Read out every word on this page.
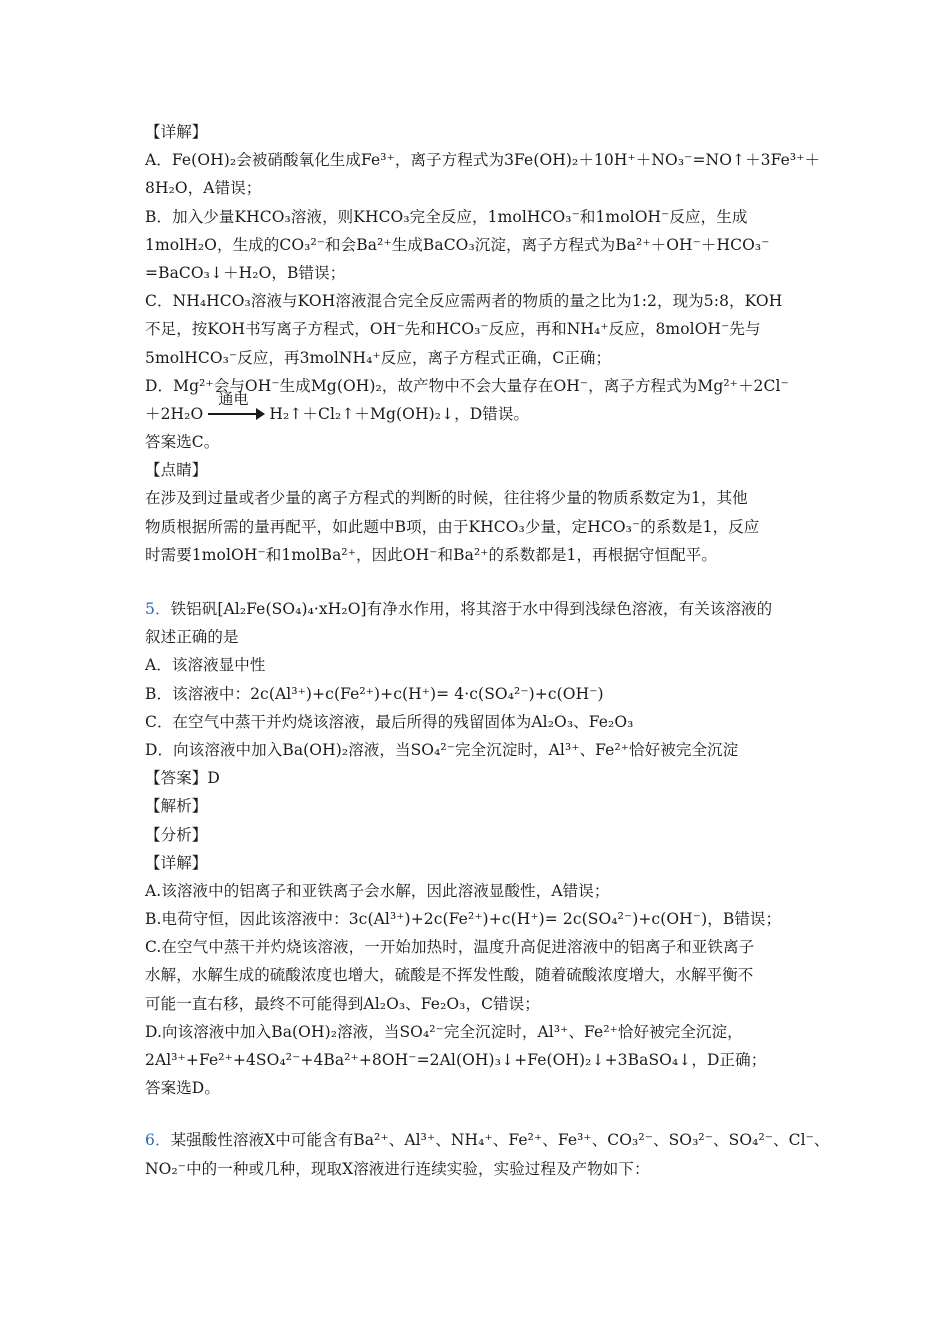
【详解】
A．Fe(OH)₂会被硝酸氧化生成Fe³⁺，离子方程式为3Fe(OH)₂＋10H⁺＋NO₃⁻=NO↑＋3Fe³⁺＋
8H₂O，A错误；
B．加入少量KHCO₃溶液，则KHCO₃完全反应，1molHCO₃⁻和1molOH⁻反应，生成
1molH₂O，生成的CO₃²⁻和会Ba²⁺生成BaCO₃沉淀，离子方程式为Ba²⁺＋OH⁻＋HCO₃⁻
=BaCO₃↓＋H₂O，B错误；
C．NH₄HCO₃溶液与KOH溶液混合完全反应需两者的物质的量之比为1:2，现为5:8，KOH
不足，按KOH书写离子方程式，OH⁻先和HCO₃⁻反应，再和NH₄⁺反应，8molOH⁻先与
5molHCO₃⁻反应，再3molNH₄⁺反应，离子方程式正确，C正确；
D．Mg²⁺会与OH⁻生成Mg(OH)₂，故产物中不会大量存在OH⁻，离子方程式为Mg²⁺＋2Cl⁻
＋2H₂O
通电
H₂↑＋Cl₂↑＋Mg(OH)₂↓，D错误。
答案选C。
【点睛】
在涉及到过量或者少量的离子方程式的判断的时候，往往将少量的物质系数定为1，其他
物质根据所需的量再配平，如此题中B项，由于KHCO₃少量，定HCO₃⁻的系数是1，反应
时需要1molOH⁻和1molBa²⁺，因此OH⁻和Ba²⁺的系数都是1，再根据守恒配平。
5．铁铝矾[Al₂Fe(SO₄)₄·xH₂O]有净水作用，将其溶于水中得到浅绿色溶液，有关该溶液的
叙述正确的是
A．该溶液显中性
B．该溶液中：2c(Al³⁺)+c(Fe²⁺)+c(H⁺)= 4·c(SO₄²⁻)+c(OH⁻)
C．在空气中蒸干并灼烧该溶液，最后所得的残留固体为Al₂O₃、Fe₂O₃
D．向该溶液中加入Ba(OH)₂溶液，当SO₄²⁻完全沉淀时，Al³⁺、Fe²⁺恰好被完全沉淀
【答案】D
【解析】
【分析】
【详解】
A.该溶液中的铝离子和亚铁离子会水解，因此溶液显酸性，A错误；
B.电荷守恒，因此该溶液中：3c(Al³⁺)+2c(Fe²⁺)+c(H⁺)= 2c(SO₄²⁻)+c(OH⁻)，B错误；
C.在空气中蒸干并灼烧该溶液，一开始加热时，温度升高促进溶液中的铝离子和亚铁离子
水解，水解生成的硫酸浓度也增大，硫酸是不挥发性酸，随着硫酸浓度增大，水解平衡不
可能一直右移，最终不可能得到Al₂O₃、Fe₂O₃，C错误；
D.向该溶液中加入Ba(OH)₂溶液，当SO₄²⁻完全沉淀时，Al³⁺、Fe²⁺恰好被完全沉淀，
2Al³⁺+Fe²⁺+4SO₄²⁻+4Ba²⁺+8OH⁻=2Al(OH)₃↓+Fe(OH)₂↓+3BaSO₄↓，D正确；
答案选D。
6．某强酸性溶液X中可能含有Ba²⁺、Al³⁺、NH₄⁺、Fe²⁺、Fe³⁺、CO₃²⁻、SO₃²⁻、SO₄²⁻、Cl⁻、
NO₂⁻中的一种或几种，现取X溶液进行连续实验，实验过程及产物如下：
